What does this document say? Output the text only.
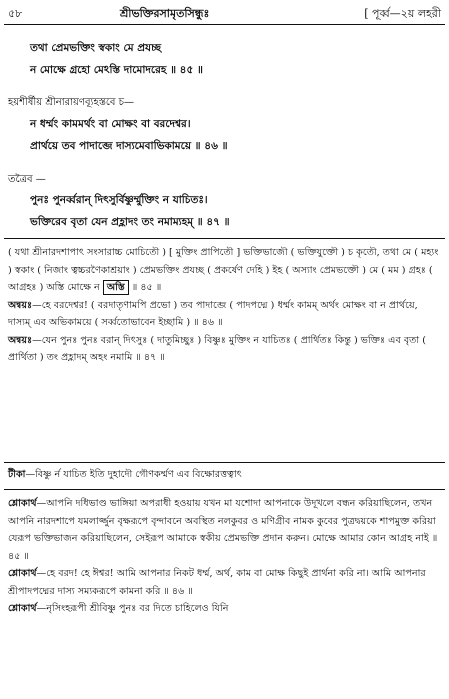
৫৮	শ্রীভক্তিরসামৃতসিন্ধুঃ	[ পূর্ব্ব—২য় লহরী
তথা প্রেমভক্তিং স্বকাং মে প্রযচ্ছ
ন মোক্ষে গ্রহো মেঽস্তি দামোদরেহ ॥ ৪৫ ॥
হয়শীর্ষীয় শ্রীনারায়ণব্যূহস্তবে চ—
ন ধর্ম্মং কামমর্থং বা মোক্ষং বা বরদেশ্বর।
প্রার্থয়ে তব পাদাব্জে দাস্যমেবাভিকাময়ে ॥ ৪৬ ॥
তত্রৈব —
পুনঃ পুনর্ব্বরান্ দিৎসুর্বিষ্ণুর্ম্মুক্তিং ন যাচিতঃ।
ভক্তিরেব বৃতা যেন প্রহ্লাদং তং নমাম্যহম্ ॥ ৪৭ ॥

( যথা শ্রীনারদশাপাৎ সংসারাচ্চ মোচিতৌ ) [ মুক্তিং প্রাপিতৌ ] ভক্তিভাজৌ ( ভক্তিযুক্তৌ ) চ কৃতৌ, তথা মে ( মহ্যং ) স্বকাং ( নিজাং ত্বচ্চরণৈকাশ্রয়াং ) প্রেমভক্তিং প্রযচ্ছ ( প্রকর্ষেণ দেহি ) ইহ ( অস্যাং প্রেমভক্তৌ ) মে ( মম ) গ্রহঃ ( আগ্রহঃ ) অস্তি মোক্ষে ন অস্তি ॥ ৪৫ ॥

অন্বয়ঃ—হে বরদেশ্বর! ( বরদাতৃণামপি প্রভো ) তব পাদাব্জে ( পাদপদ্মে ) ধর্ম্মং কামম্ অর্থং মোক্ষং বা ন প্রার্থয়ে, দাস্যম্ এব অভিকাময়ে ( সর্ব্বতোভাবেন ইচ্ছামি ) ॥ ৪৬ ॥

অন্বয়ঃ—যেন পুনঃ পুনঃ বরান্ দিৎসুঃ ( দাতুমিচ্ছুঃ ) বিষ্ণুঃ মুক্তিং ন যাচিতঃ ( প্রার্থিতঃ কিন্তু ) ভক্তিঃ এব বৃতা ( প্রার্থিতা ) তং প্রহ্লাদম্ অহং নমামি ॥ ৪৭ ॥

টীকা—বিষ্ণু র্ন যাচিত ইতি দুহাদৌ গৌণকর্ম্মণ এব বিক্ষোরত্তত্বাৎ

শ্লোকার্থ—আপনি দধিভাণ্ড ভাঙ্গিয়া অপরাধী হওয়ায় যখন মা যশোদা আপনাকে উদূখলে বন্ধন করিয়াছিলেন, তখন আপনি নারদশাপে যমলার্জ্জুন বৃক্ষরূপে বৃন্দাবনে অবস্থিত নলকুবর ও মণিগ্রীব নামক কুবের পুত্রদ্বয়কে শাপমুক্ত করিয়া যেরূপ ভক্তিভাজন করিয়াছিলেন, সেইরূপ আমাকে স্বকীয় প্রেমভক্তি প্রদান করুন। মোক্ষে আমার কোন আগ্রহ নাই ॥ ৪৫ ॥

শ্লোকার্থ—হে বরদ! হে ঈশ্বর! আমি আপনার নিকট ধর্ম্ম, অর্থ, কাম বা মোক্ষ কিছুই প্রার্থনা করি না। আমি আপনার শ্রীপাদপদ্মের দাস্য সম্যকরূপে কামনা করি ॥ ৪৬ ॥

শ্লোকার্থ—নৃসিংহরূপী শ্রীবিষ্ণু পুনঃ বর দিতে চাহিলেও যিনি
